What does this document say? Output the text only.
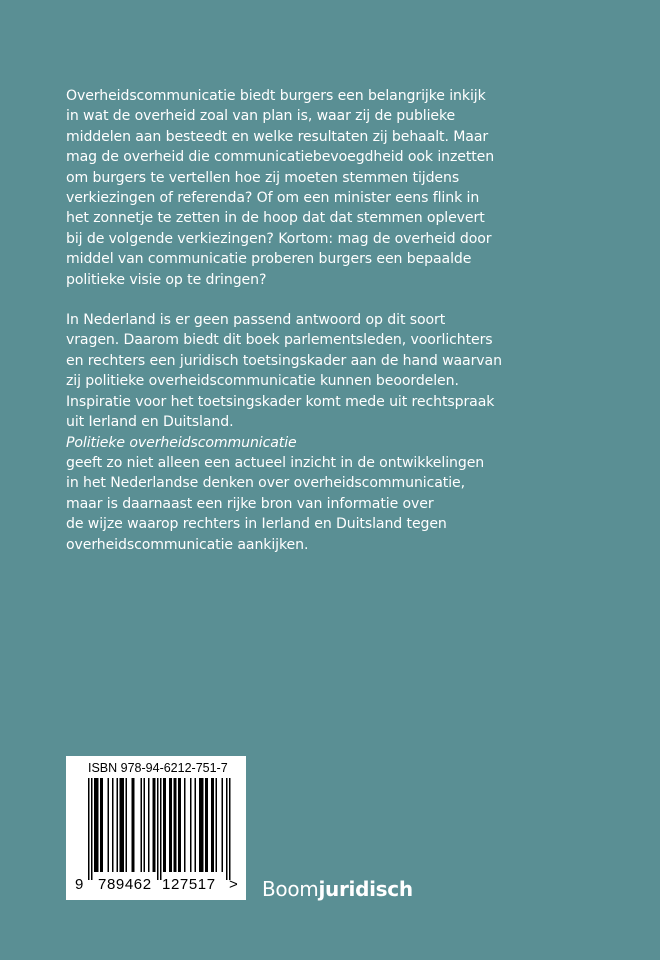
Overheidscommunicatie biedt burgers een belangrijke inkijk
in wat de overheid zoal van plan is, waar zij de publieke
middelen aan besteedt en welke resultaten zij behaalt. Maar
mag de overheid die communicatiebevoegdheid ook inzetten
om burgers te vertellen hoe zij moeten stemmen tijdens
verkiezingen of referenda? Of om een minister eens flink in
het zonnetje te zetten in de hoop dat dat stemmen oplevert
bij de volgende verkiezingen? Kortom: mag de overheid door
middel van communicatie proberen burgers een bepaalde
politieke visie op te dringen?
In Nederland is er geen passend antwoord op dit soort
vragen. Daarom biedt dit boek parlementsleden, voorlichters
en rechters een juridisch toetsingskader aan de hand waarvan
zij politieke overheidscommunicatie kunnen beoordelen.
Inspiratie voor het toetsingskader komt mede uit rechtspraak
uit Ierland en Duitsland.
Politieke overheidscommunicatie
geeft zo niet alleen een actueel inzicht in de ontwikkelingen
in het Nederlandse denken over overheidscommunicatie,
maar is daarnaast een rijke bron van informatie over
de wijze waarop rechters in Ierland en Duitsland tegen
overheidscommunicatie aankijken.
ISBN 978-94-6212-751-7
9 789462 127517 > Boomjuridisch
